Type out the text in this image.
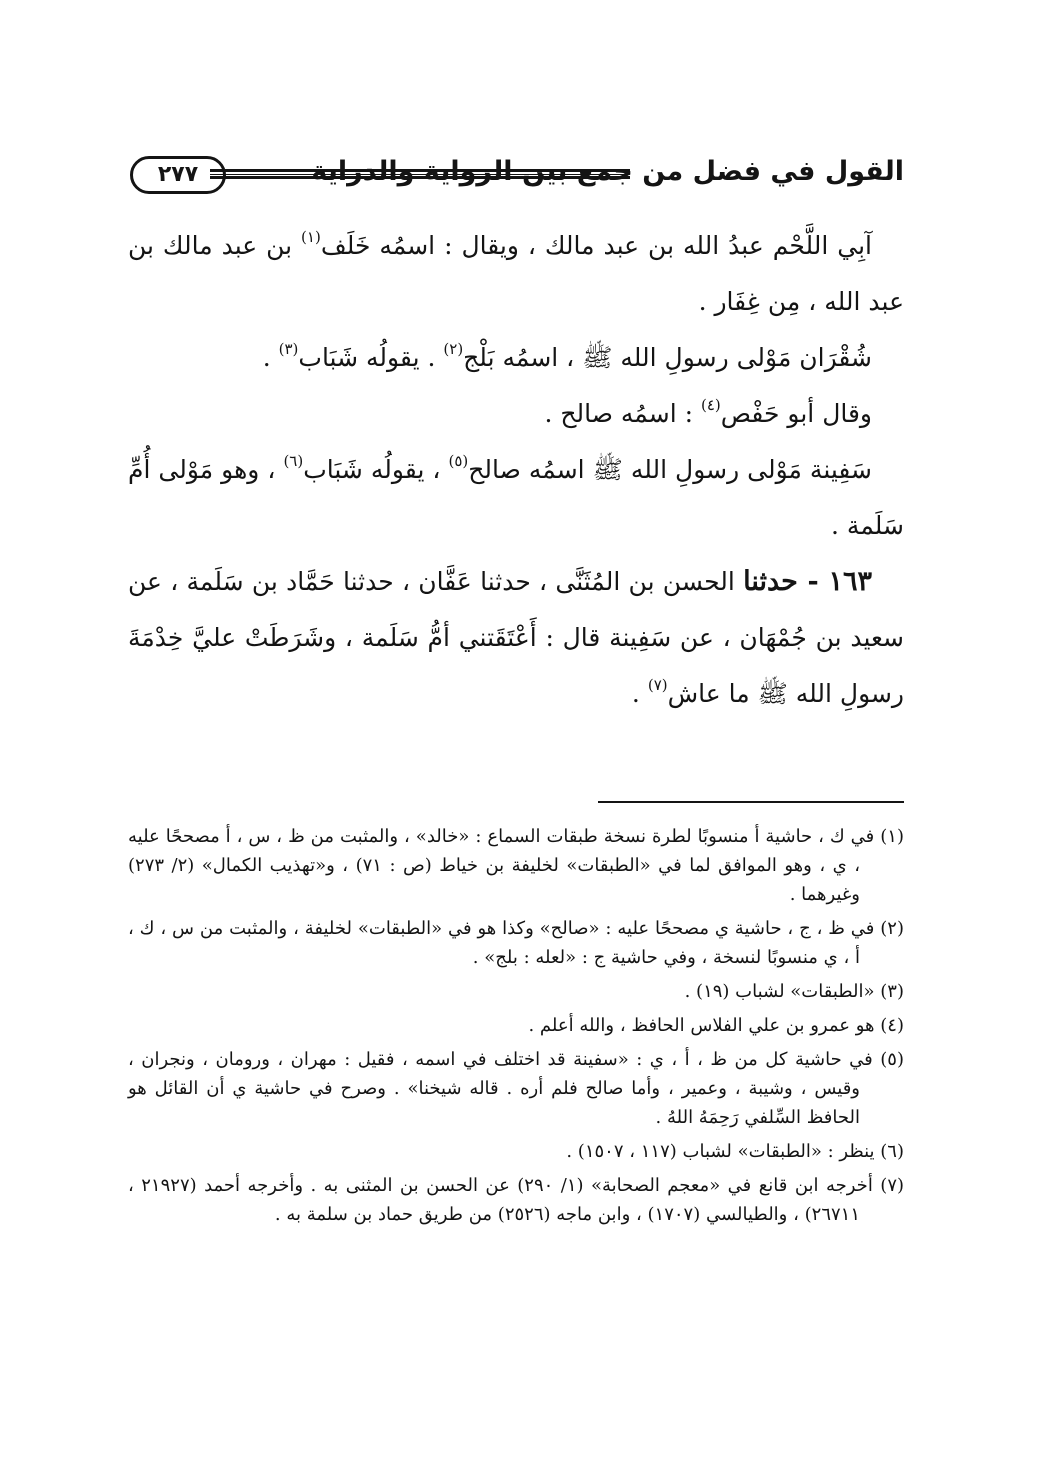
القول في فضل من جمع بين الرواية والدراية
٢٧٧

آبِي اللَّحْم عبدُ الله بن عبد مالك ، ويقال : اسمُه خَلَف$^{(١)}$ بن عبد مالك بن عبد الله ، مِن غِفَار .

شُقْرَان مَوْلى رسولِ الله ﷺ ، اسمُه بَلْج$^{(٢)}$ . يقولُه شَبَاب$^{(٣)}$ .

وقال أبو حَفْص$^{(٤)}$ : اسمُه صالح .

سَفِينة مَوْلى رسولِ الله ﷺ اسمُه صالح$^{(٥)}$ ، يقولُه شَبَاب$^{(٦)}$ ، وهو مَوْلى أُمِّ سَلَمة .

١٦٣ - حدثنا الحسن بن المُثَنَّى ، حدثنا عَفَّان ، حدثنا حَمَّاد بن سَلَمة ، عن سعيد بن جُمْهَان ، عن سَفِينة قال : أَعْتَقَتني أمُّ سَلَمة ، وشَرَطَتْ عليَّ خِدْمَةَ رسولِ الله ﷺ ما عاش$^{(٧)}$ .

(١) في ك ، حاشية أ منسوبًا لطرة نسخة طبقات السماع : «خالد» ، والمثبت من ظ ، س ، أ مصححًا عليه ، ي ، وهو الموافق لما في «الطبقات» لخليفة بن خياط (ص : ٧١) ، و«تهذيب الكمال» (٢/ ٢٧٣) وغيرهما .

(٢) في ظ ، ج ، حاشية ي مصححًا عليه : «صالح» وكذا هو في «الطبقات» لخليفة ، والمثبت من س ، ك ، أ ، ي منسوبًا لنسخة ، وفي حاشية ج : «لعله : بلج» .

(٣) «الطبقات» لشباب (١٩) .

(٤) هو عمرو بن علي الفلاس الحافظ ، والله أعلم .

(٥) في حاشية كل من ظ ، أ ، ي : «سفينة قد اختلف في اسمه ، فقيل : مهران ، ورومان ، ونجران ، وقيس ، وشيبة ، وعمير ، وأما صالح فلم أره . قاله شيخنا» . وصرح في حاشية ي أن القائل هو الحافظ السِّلفي رَحِمَهُ اللهُ .

(٦) ينظر : «الطبقات» لشباب (١١٧ ، ١٥٠٧) .

(٧) أخرجه ابن قانع في «معجم الصحابة» (١/ ٢٩٠) عن الحسن بن المثنى به . وأخرجه أحمد (٢١٩٢٧ ، ٢٦٧١١) ، والطيالسي (١٧٠٧) ، وابن ماجه (٢٥٢٦) من طريق حماد بن سلمة به .
